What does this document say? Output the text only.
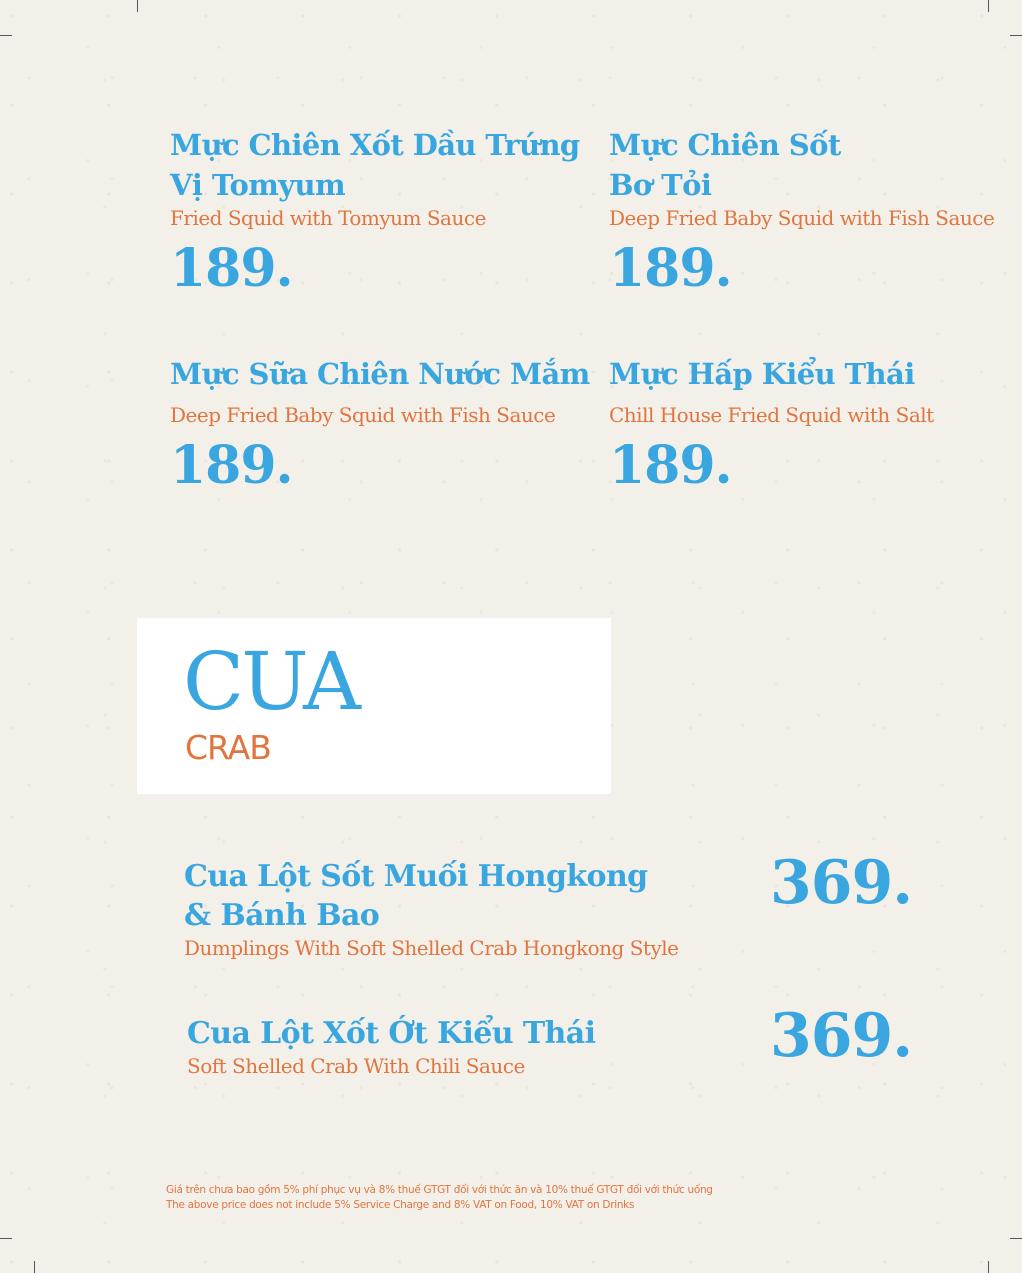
Mực Chiên Xốt Dầu Trứng
Vị Tomyum
Fried Squid with Tomyum Sauce
189.
Mực Chiên Sốt
Bơ Tỏi
Deep Fried Baby Squid with Fish Sauce
189.
Mực Sữa Chiên Nước Mắm
Deep Fried Baby Squid with Fish Sauce
189.
Mực Hấp Kiểu Thái
Chill House Fried Squid with Salt
189.
CUA
CRAB
Cua Lột Sốt Muối Hongkong
& Bánh Bao
Dumplings With Soft Shelled Crab Hongkong Style
369.
Cua Lột Xốt Ớt Kiểu Thái
Soft Shelled Crab With Chili Sauce	369.
Giá trên chưa bao gồm 5% phí phục vụ và 8% thuế GTGT đối với thức ăn và 10% thuế GTGT đối với thức uống
The above price does not include 5% Service Charge and 8% VAT on Food, 10% VAT on Drinks
